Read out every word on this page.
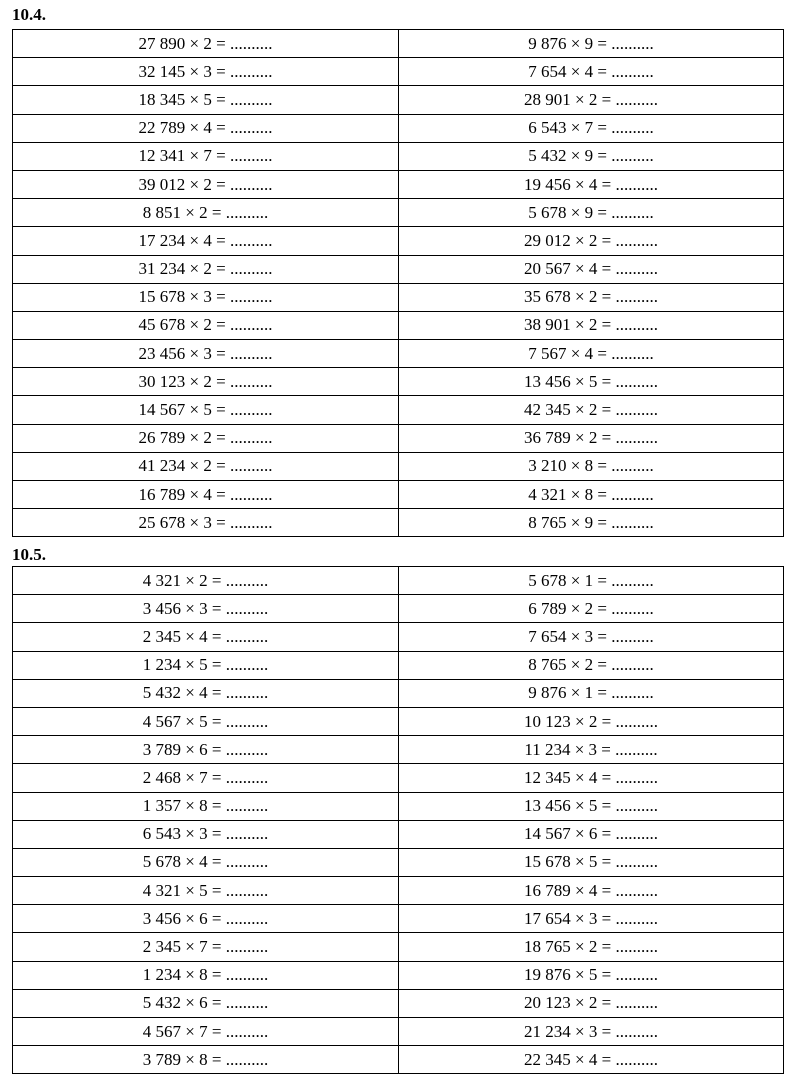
10.4.
27 890 × 2 = ..........	9 876 × 9 = ..........
32 145 × 3 = ..........	7 654 × 4 = ..........
18 345 × 5 = ..........	28 901 × 2 = ..........
22 789 × 4 = ..........	6 543 × 7 = ..........
12 341 × 7 = ..........	5 432 × 9 = ..........
39 012 × 2 = ..........	19 456 × 4 = ..........
8 851 × 2 = ..........	5 678 × 9 = ..........
17 234 × 4 = ..........	29 012 × 2 = ..........
31 234 × 2 = ..........	20 567 × 4 = ..........
15 678 × 3 = ..........	35 678 × 2 = ..........
45 678 × 2 = ..........	38 901 × 2 = ..........
23 456 × 3 = ..........	7 567 × 4 = ..........
30 123 × 2 = ..........	13 456 × 5 = ..........
14 567 × 5 = ..........	42 345 × 2 = ..........
26 789 × 2 = ..........	36 789 × 2 = ..........
41 234 × 2 = ..........	3 210 × 8 = ..........
16 789 × 4 = ..........	4 321 × 8 = ..........
25 678 × 3 = ..........	8 765 × 9 = ..........
10.5.
4 321 × 2 = ..........	5 678 × 1 = ..........
3 456 × 3 = ..........	6 789 × 2 = ..........
2 345 × 4 = ..........	7 654 × 3 = ..........
1 234 × 5 = ..........	8 765 × 2 = ..........
5 432 × 4 = ..........	9 876 × 1 = ..........
4 567 × 5 = ..........	10 123 × 2 = ..........
3 789 × 6 = ..........	11 234 × 3 = ..........
2 468 × 7 = ..........	12 345 × 4 = ..........
1 357 × 8 = ..........	13 456 × 5 = ..........
6 543 × 3 = ..........	14 567 × 6 = ..........
5 678 × 4 = ..........	15 678 × 5 = ..........
4 321 × 5 = ..........	16 789 × 4 = ..........
3 456 × 6 = ..........	17 654 × 3 = ..........
2 345 × 7 = ..........	18 765 × 2 = ..........
1 234 × 8 = ..........	19 876 × 5 = ..........
5 432 × 6 = ..........	20 123 × 2 = ..........
4 567 × 7 = ..........	21 234 × 3 = ..........
3 789 × 8 = ..........	22 345 × 4 = ..........
